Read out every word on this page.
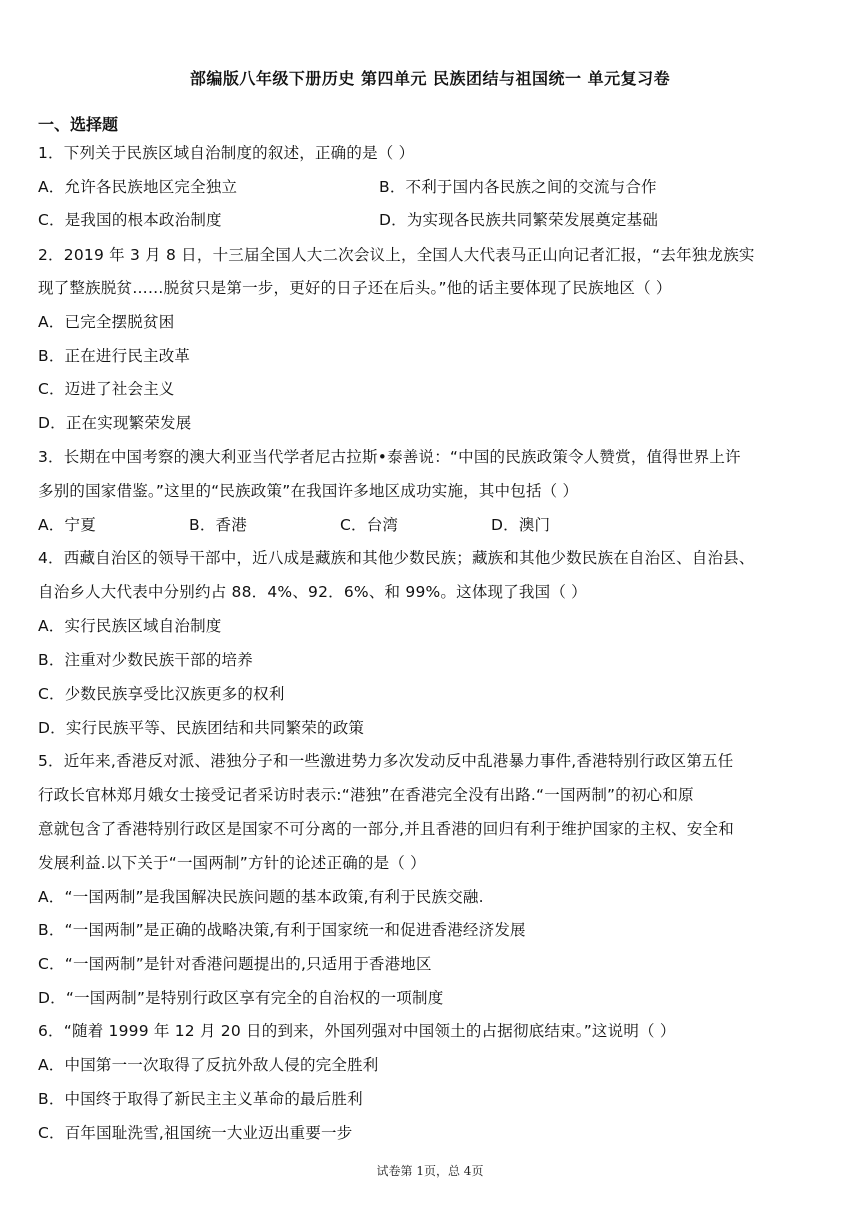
部编版八年级下册历史 第四单元 民族团结与祖国统一 单元复习卷
一、选择题
1．下列关于民族区域自治制度的叙述，正确的是（ ）
A．允许各民族地区完全独立	B．不利于国内各民族之间的交流与合作
C．是我国的根本政治制度	D．为实现各民族共同繁荣发展奠定基础
2．2019 年 3 月 8 日，十三届全国人大二次会议上，全国人大代表马正山向记者汇报，“去年独龙族实
现了整族脱贫……脱贫只是第一步，更好的日子还在后头。”他的话主要体现了民族地区（ ）
A．已完全摆脱贫困
B．正在进行民主改革
C．迈进了社会主义
D．正在实现繁荣发展
3．长期在中国考察的澳大利亚当代学者尼古拉斯•泰善说：“中国的民族政策令人赞赏，值得世界上许
多别的国家借鉴。”这里的“民族政策”在我国许多地区成功实施，其中包括（ ）
A．宁夏	B．香港	C．台湾	D．澳门
4．西藏自治区的领导干部中，近八成是藏族和其他少数民族；藏族和其他少数民族在自治区、自治县、
自治乡人大代表中分别约占 88．4%、92．6%、和 99%。这体现了我国（ ）
A．实行民族区域自治制度
B．注重对少数民族干部的培养
C．少数民族享受比汉族更多的权利
D．实行民族平等、民族团结和共同繁荣的政策
5．近年来,香港反对派、港独分子和一些激进势力多次发动反中乱港暴力事件,香港特别行政区第五任
行政长官林郑月娥女士接受记者采访时表示:“港独”在香港完全没有出路.“一国两制”的初心和原
意就包含了香港特别行政区是国家不可分离的一部分,并且香港的回归有利于维护国家的主权、安全和
发展利益.以下关于“一国两制”方针的论述正确的是（ ）
A．“一国两制”是我国解决民族问题的基本政策,有利于民族交融.
B．“一国两制”是正确的战略决策,有利于国家统一和促进香港经济发展
C．“一国两制”是针对香港问题提出的,只适用于香港地区
D．“一国两制”是特别行政区享有完全的自治权的一项制度
6．“随着 1999 年 12 月 20 日的到来，外国列强对中国领土的占据彻底结束。”这说明（ ）
A．中国第一一次取得了反抗外敌人侵的完全胜利
B．中国终于取得了新民主主义革命的最后胜利
C．百年国耻洗雪,祖国统一大业迈出重要一步
试卷第 1页，总 4页
